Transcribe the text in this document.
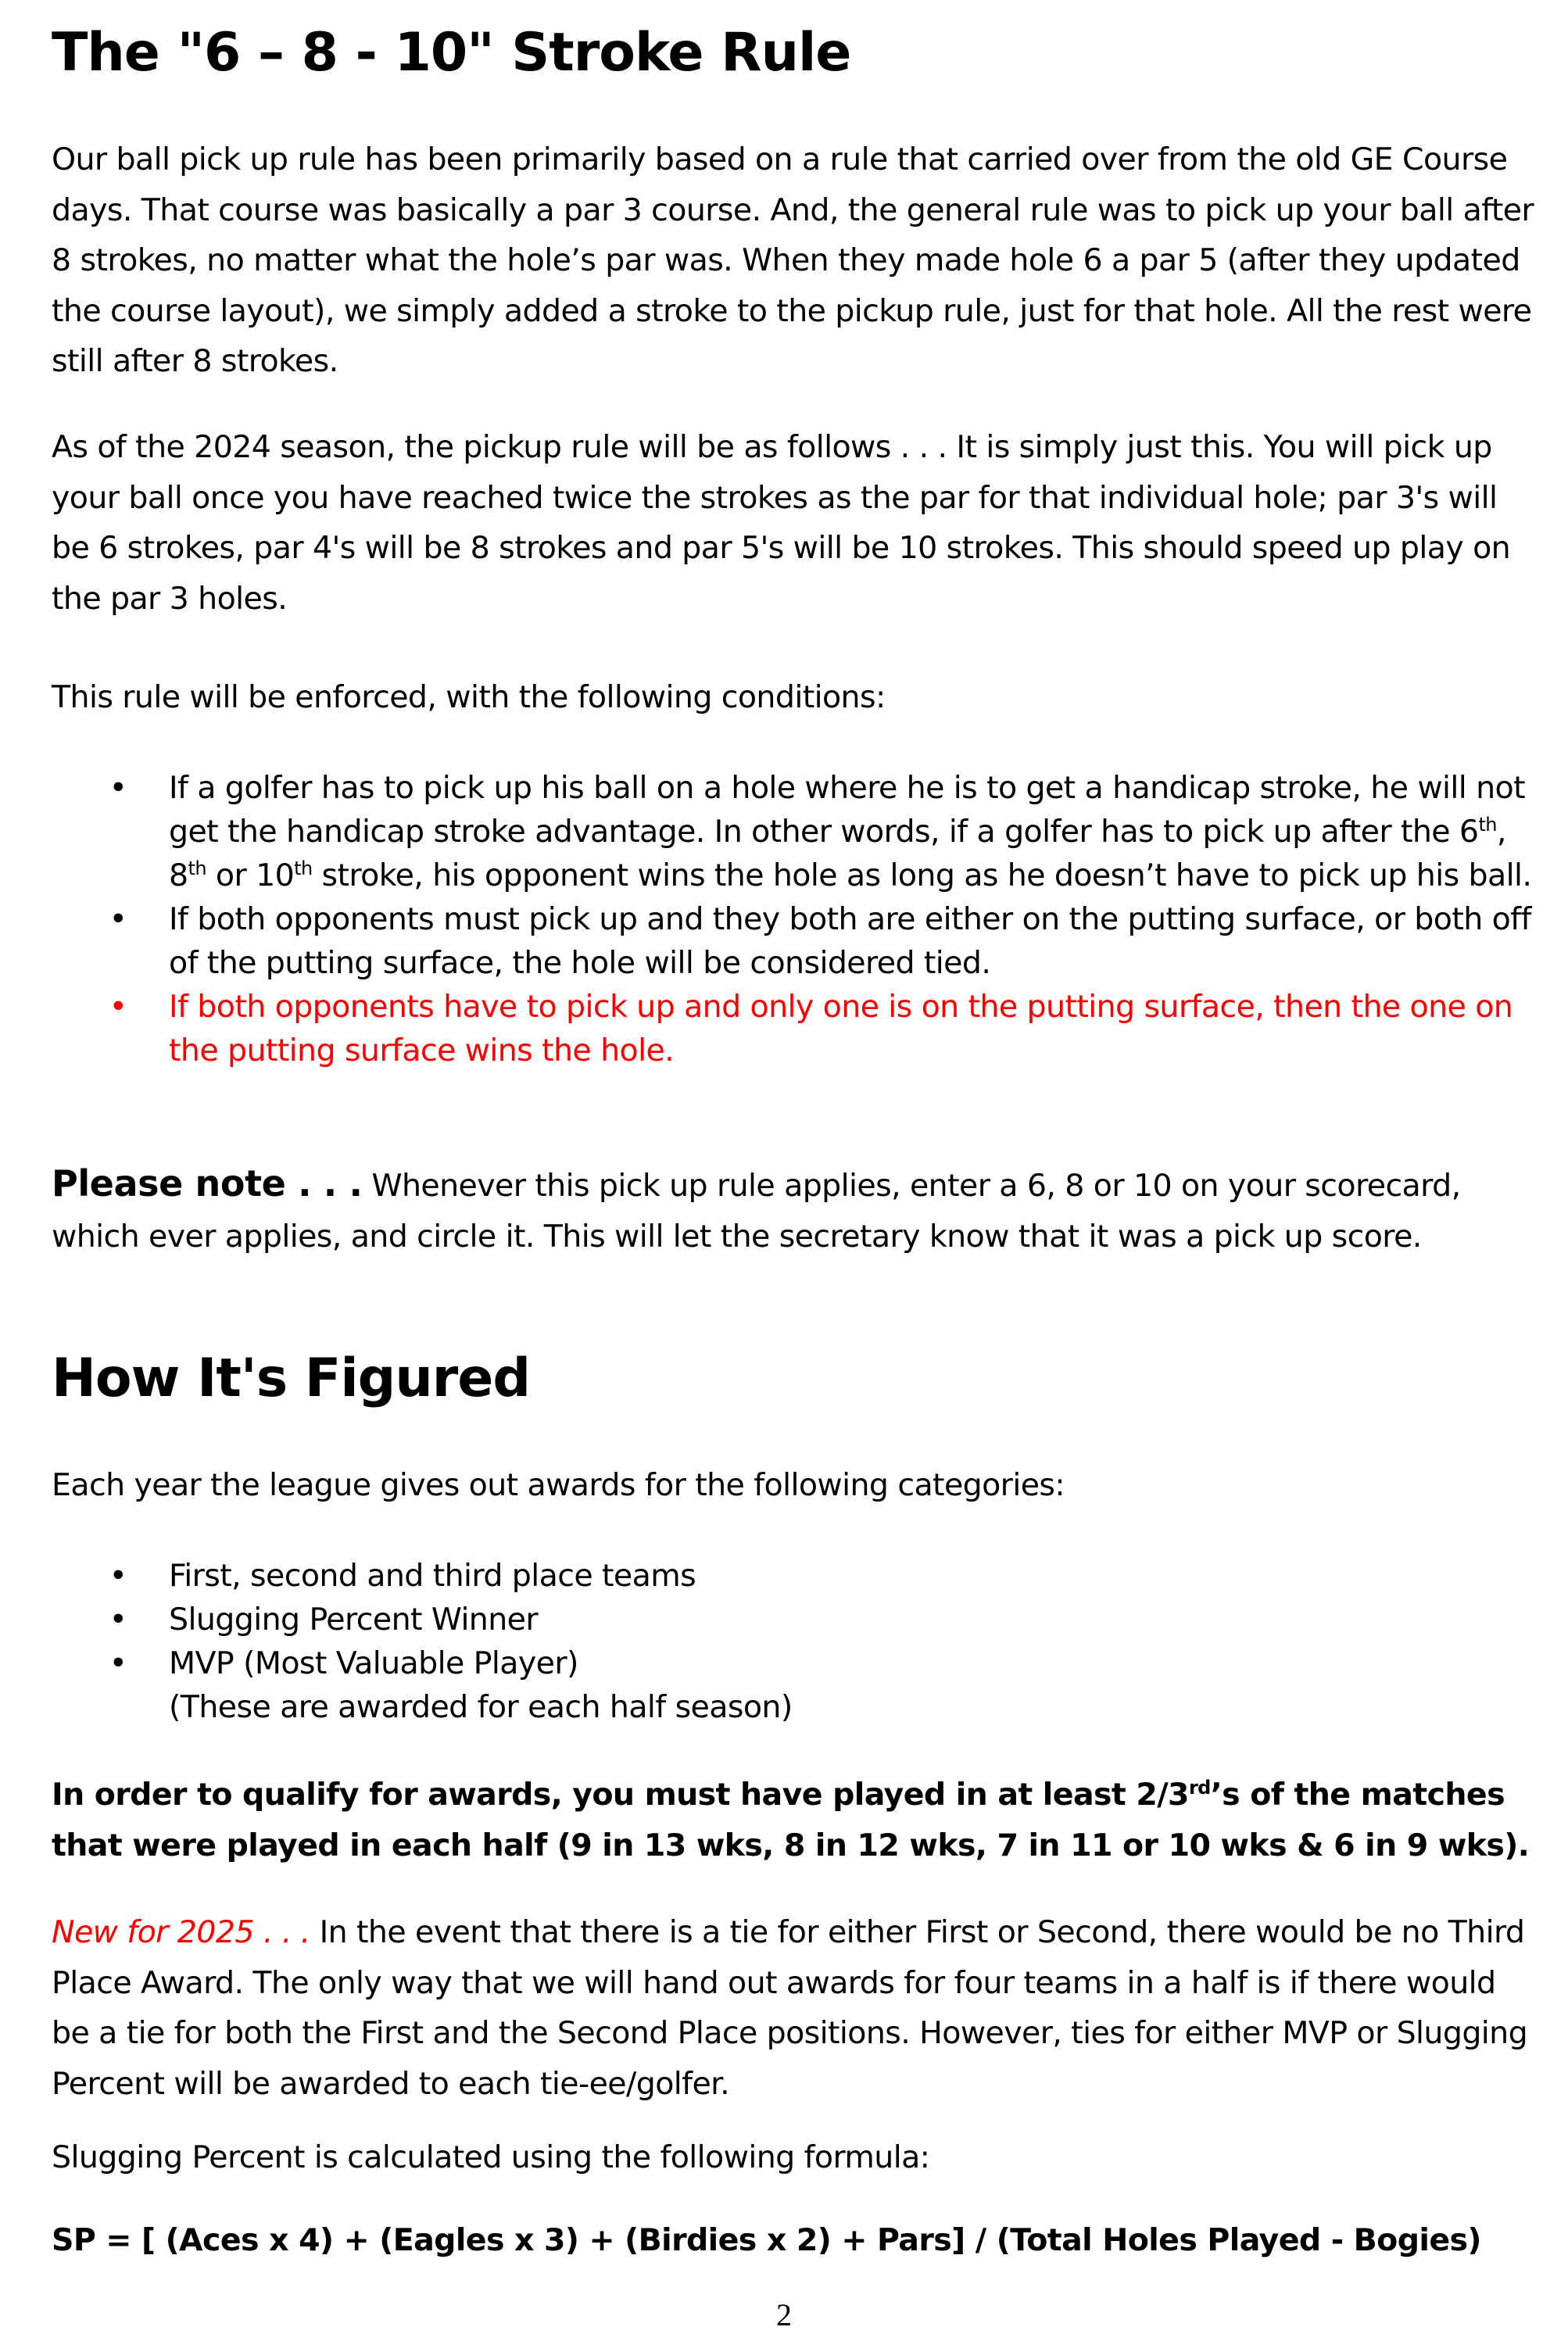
The "6 – 8 - 10" Stroke Rule

Our ball pick up rule has been primarily based on a rule that carried over from the old GE Course days. That course was basically a par 3 course. And, the general rule was to pick up your ball after 8 strokes, no matter what the hole’s par was. When they made hole 6 a par 5 (after they updated the course layout), we simply added a stroke to the pickup rule, just for that hole. All the rest were still after 8 strokes.

As of the 2024 season, the pickup rule will be as follows . . . It is simply just this. You will pick up your ball once you have reached twice the strokes as the par for that individual hole; par 3's will be 6 strokes, par 4's will be 8 strokes and par 5's will be 10 strokes. This should speed up play on the par 3 holes.

This rule will be enforced, with the following conditions:

• If a golfer has to pick up his ball on a hole where he is to get a handicap stroke, he will not get the handicap stroke advantage. In other words, if a golfer has to pick up after the 6th, 8th or 10th stroke, his opponent wins the hole as long as he doesn’t have to pick up his ball.
• If both opponents must pick up and they both are either on the putting surface, or both off of the putting surface, the hole will be considered tied.
• If both opponents have to pick up and only one is on the putting surface, then the one on the putting surface wins the hole.

Please note . . . Whenever this pick up rule applies, enter a 6, 8 or 10 on your scorecard, which ever applies, and circle it. This will let the secretary know that it was a pick up score.

How It's Figured

Each year the league gives out awards for the following categories:

• First, second and third place teams
• Slugging Percent Winner
• MVP (Most Valuable Player)
(These are awarded for each half season)

In order to qualify for awards, you must have played in at least 2/3rd’s of the matches that were played in each half (9 in 13 wks, 8 in 12 wks, 7 in 11 or 10 wks & 6 in 9 wks).

New for 2025 . . . In the event that there is a tie for either First or Second, there would be no Third Place Award. The only way that we will hand out awards for four teams in a half is if there would be a tie for both the First and the Second Place positions. However, ties for either MVP or Slugging Percent will be awarded to each tie-ee/golfer.

Slugging Percent is calculated using the following formula:

SP = [ (Aces x 4) + (Eagles x 3) + (Birdies x 2) + Pars] / (Total Holes Played - Bogies)

2
